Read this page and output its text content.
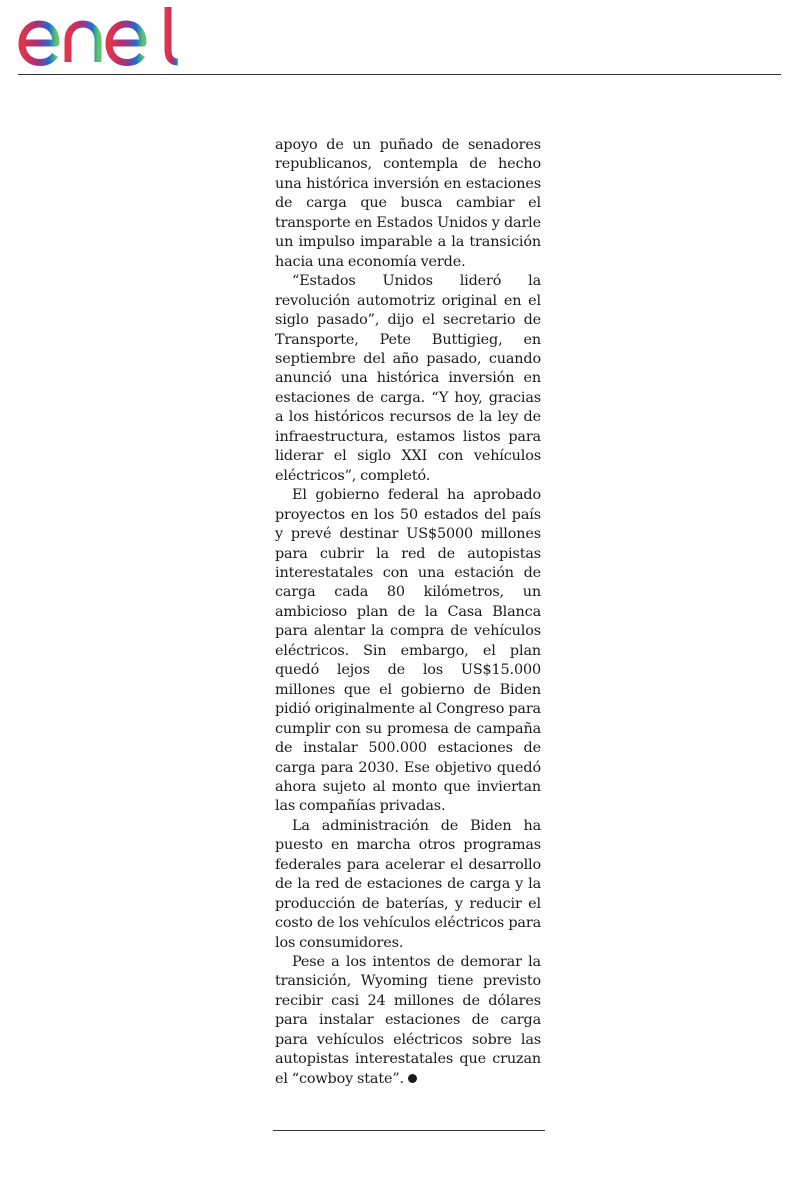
apoyo de un puñado de senadores republicanos, contempla de hecho una histórica inversión en estaciones de carga que busca cambiar el transporte en Estados Unidos y darle un impulso imparable a la transición hacia una economía verde.

“Estados Unidos lideró la revolución automotriz original en el siglo pasado”, dijo el secretario de Transporte, Pete Buttigieg, en septiembre del año pasado, cuando anunció una histórica inversión en estaciones de carga. “Y hoy, gracias a los históricos recursos de la ley de infraestructura, estamos listos para liderar el siglo XXI con vehículos eléctricos”, completó.

El gobierno federal ha aprobado proyectos en los 50 estados del país y prevé destinar US$5000 millones para cubrir la red de autopistas interestatales con una estación de carga cada 80 kilómetros, un ambicioso plan de la Casa Blanca para alentar la compra de vehículos eléctricos. Sin embargo, el plan quedó lejos de los US$15.000 millones que el gobierno de Biden pidió originalmente al Congreso para cumplir con su promesa de campaña de instalar 500.000 estaciones de carga para 2030. Ese objetivo quedó ahora sujeto al monto que inviertan las compañías privadas.

La administración de Biden ha puesto en marcha otros programas federales para acelerar el desarrollo de la red de estaciones de carga y la producción de baterías, y reducir el costo de los vehículos eléctricos para los consumidores.

Pese a los intentos de demorar la transición, Wyoming tiene previsto recibir casi 24 millones de dólares para instalar estaciones de carga para vehículos eléctricos sobre las autopistas interestatales que cruzan el “cowboy state”.
